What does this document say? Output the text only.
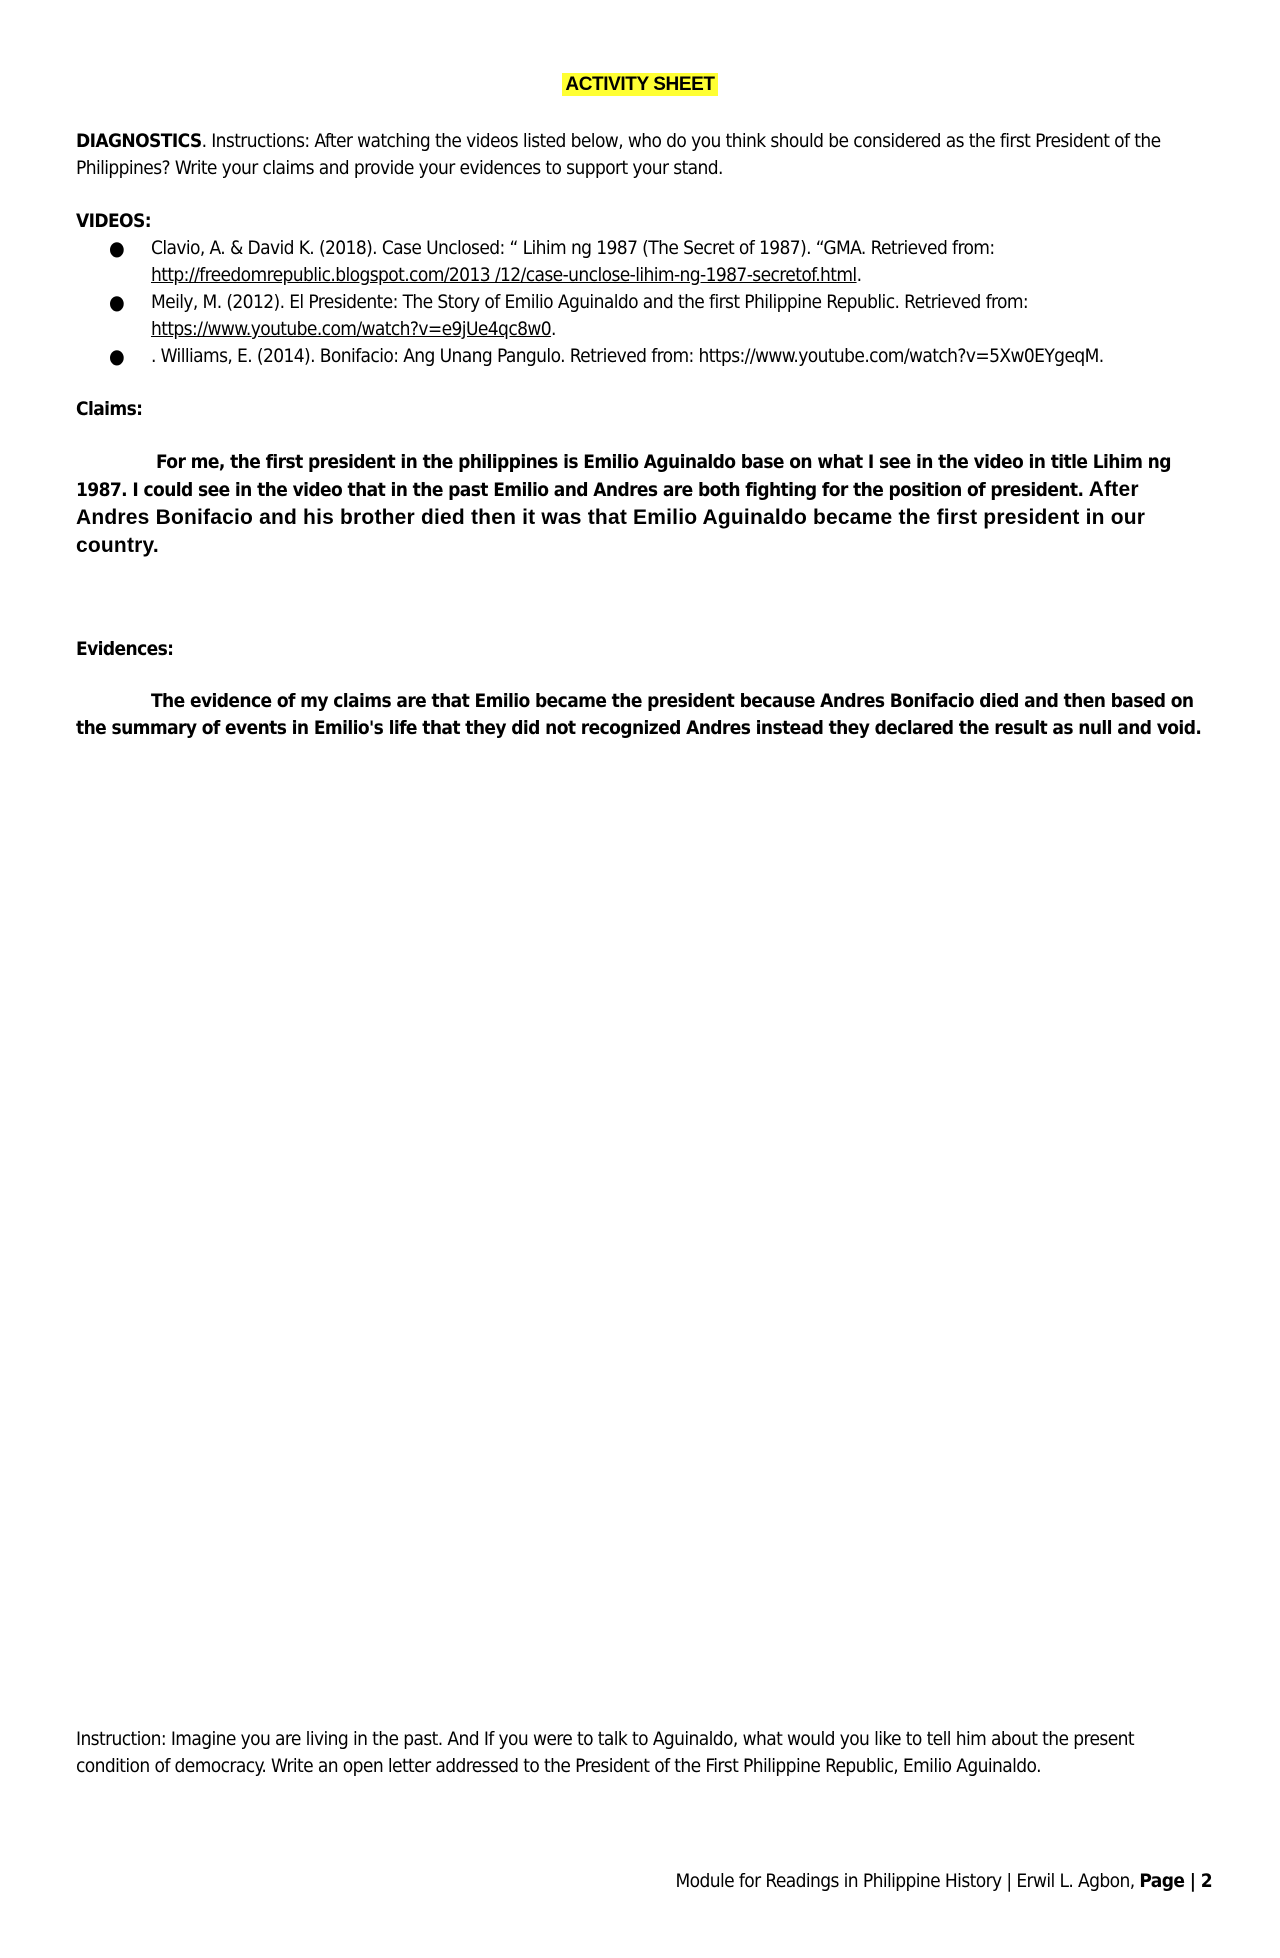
ACTIVITY SHEET
DIAGNOSTICS. Instructions: After watching the videos listed below, who do you think should be considered as the first President of the Philippines? Write your claims and provide your evidences to support your stand.
VIDEOS:
● Clavio, A. & David K. (2018). Case Unclosed: “ Lihim ng 1987 (The Secret of 1987). “GMA. Retrieved from: http://freedomrepublic.blogspot.com/2013 /12/case-unclose-lihim-ng-1987-secretof.html.
● Meily, M. (2012). El Presidente: The Story of Emilio Aguinaldo and the first Philippine Republic. Retrieved from: https://www.youtube.com/watch?v=e9jUe4qc8w0.
● . Williams, E. (2014). Bonifacio: Ang Unang Pangulo. Retrieved from: https://www.youtube.com/watch?v=5Xw0EYgeqM.
Claims:
For me, the first president in the philippines is Emilio Aguinaldo base on what I see in the video in title Lihim ng 1987. I could see in the video that in the past Emilio and Andres are both fighting for the position of president. After Andres Bonifacio and his brother died then it was that Emilio Aguinaldo became the first president in our country.
Evidences:
The evidence of my claims are that Emilio became the president because Andres Bonifacio died and then based on the summary of events in Emilio's life that they did not recognized Andres instead they declared the result as null and void.
Instruction: Imagine you are living in the past. And If you were to talk to Aguinaldo, what would you like to tell him about the present condition of democracy. Write an open letter addressed to the President of the First Philippine Republic, Emilio Aguinaldo.
Module for Readings in Philippine History | Erwil L. Agbon, Page | 2
